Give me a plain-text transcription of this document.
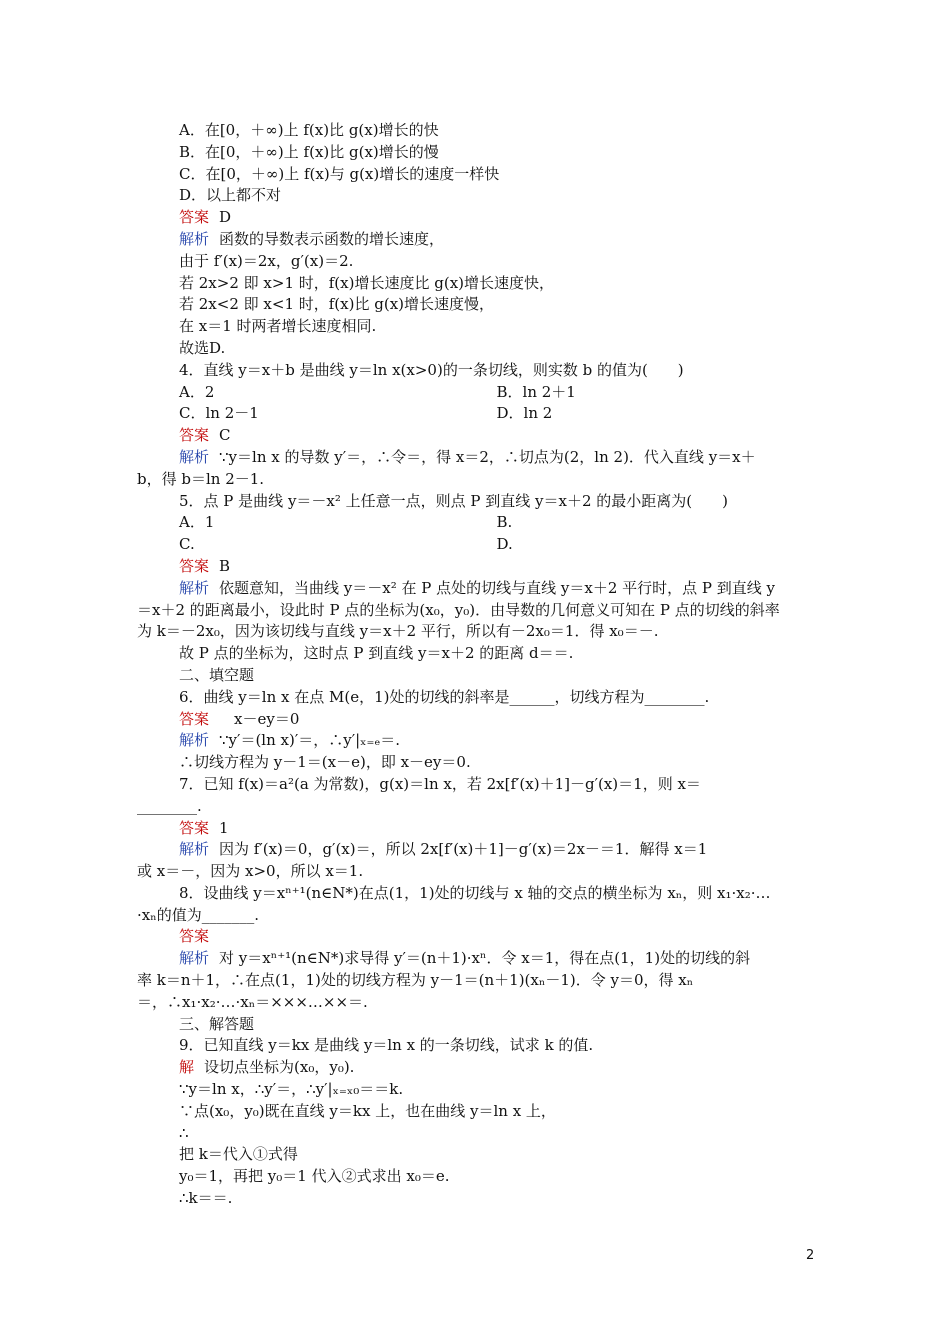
A．在[0，＋∞)上 f(x)比 g(x)增长的快
B．在[0，＋∞)上 f(x)比 g(x)增长的慢
C．在[0，＋∞)上 f(x)与 g(x)增长的速度一样快
D．以上都不对
答案 D
解析 函数的导数表示函数的增长速度，
由于 f′(x)＝2x，g′(x)＝2.
若 2x>2 即 x>1 时，f(x)增长速度比 g(x)增长速度快，
若 2x<2 即 x<1 时，f(x)比 g(x)增长速度慢，
在 x＝1 时两者增长速度相同.
故选D.
4．直线 y＝x＋b 是曲线 y＝ln x(x>0)的一条切线，则实数 b 的值为(　　)
A．2	B．ln 2＋1
C．ln 2－1	D．ln 2
答案 C
解析 ∵y＝ln x 的导数 y′＝，∴令＝，得 x＝2，∴切点为(2，ln 2)．代入直线 y＝x＋
b，得 b＝ln 2－1.
5．点 P 是曲线 y＝－x² 上任意一点，则点 P 到直线 y＝x＋2 的最小距离为(　　)
A．1	B.
C.	D.
答案 B
解析 依题意知，当曲线 y＝－x² 在 P 点处的切线与直线 y＝x＋2 平行时，点 P 到直线 y
＝x＋2 的距离最小，设此时 P 点的坐标为(x₀，y₀)．由导数的几何意义可知在 P 点的切线的斜率
为 k＝－2x₀，因为该切线与直线 y＝x＋2 平行，所以有－2x₀＝1．得 x₀＝－.
故 P 点的坐标为，这时点 P 到直线 y＝x＋2 的距离 d＝＝.
二、填空题
6．曲线 y＝ln x 在点 M(e，1)处的切线的斜率是______，切线方程为________.
答案　x－ey＝0
解析 ∵y′＝(ln x)′＝，∴y′|ₓ₌ₑ＝.
∴切线方程为 y－1＝(x－e)，即 x－ey＝0.
7．已知 f(x)＝a²(a 为常数)，g(x)＝ln x，若 2x[f′(x)＋1]－g′(x)＝1，则 x＝
________.
答案 1
解析 因为 f′(x)＝0，g′(x)＝，所以 2x[f′(x)＋1]－g′(x)＝2x－＝1．解得 x＝1
或 x＝－，因为 x>0，所以 x＝1.
8．设曲线 y＝xⁿ⁺¹(n∈N*)在点(1，1)处的切线与 x 轴的交点的横坐标为 xₙ，则 x₁·x₂·…
·xₙ的值为_______.
答案
解析 对 y＝xⁿ⁺¹(n∈N*)求导得 y′＝(n＋1)·xⁿ．令 x＝1，得在点(1，1)处的切线的斜
率 k＝n＋1，∴在点(1，1)处的切线方程为 y－1＝(n＋1)(xₙ－1)．令 y＝0，得 xₙ
＝，∴x₁·x₂·…·xₙ＝×××…××＝.
三、解答题
9．已知直线 y＝kx 是曲线 y＝ln x 的一条切线，试求 k 的值.
解 设切点坐标为(x₀，y₀).
∵y＝ln x，∴y′＝，∴y′|ₓ₌ₓ₀＝＝k.
∵点(x₀，y₀)既在直线 y＝kx 上，也在曲线 y＝ln x 上，
∴
把 k＝代入①式得
y₀＝1，再把 y₀＝1 代入②式求出 x₀＝e.
∴k＝＝.
2
